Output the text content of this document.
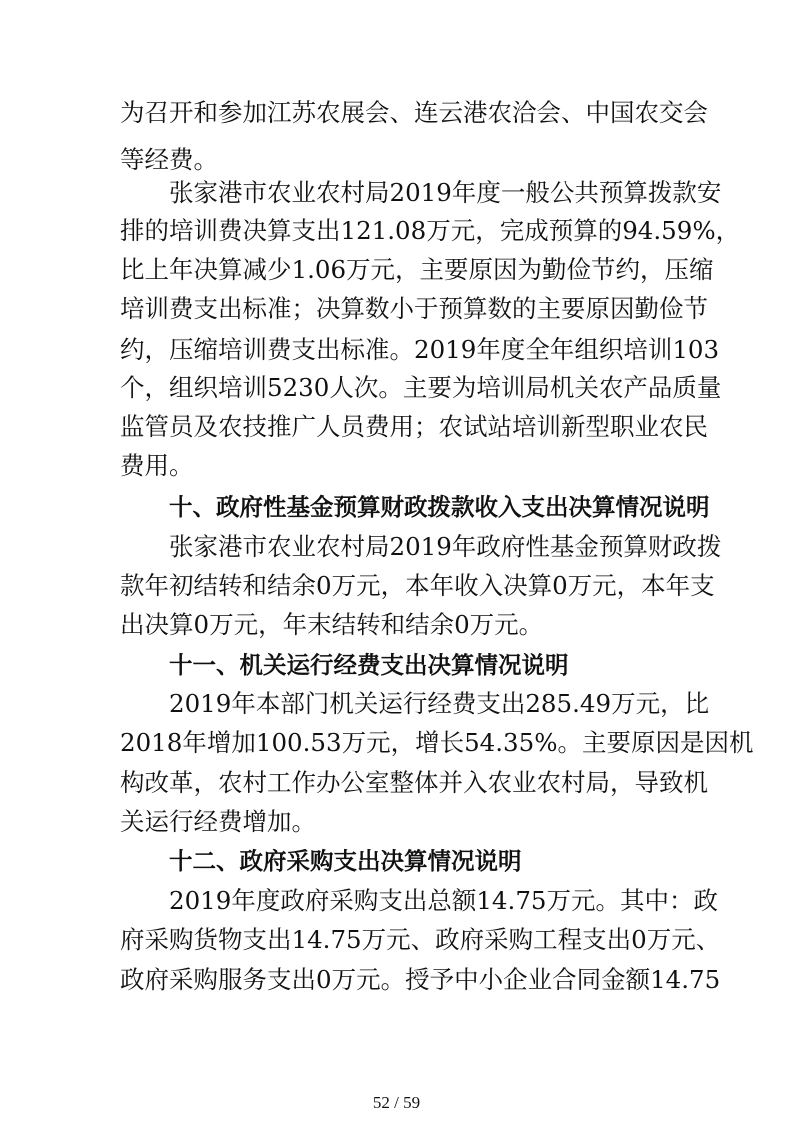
为召开和参加江苏农展会、连云港农洽会、中国农交会
等经费。
张家港市农业农村局2019年度一般公共预算拨款安
排的培训费决算支出121.08万元，完成预算的94.59%，
比上年决算减少1.06万元，主要原因为勤俭节约，压缩
培训费支出标准；决算数小于预算数的主要原因勤俭节
约，压缩培训费支出标准。2019年度全年组织培训103
个，组织培训5230人次。主要为培训局机关农产品质量
监管员及农技推广人员费用；农试站培训新型职业农民
费用。
十、政府性基金预算财政拨款收入支出决算情况说明
张家港市农业农村局2019年政府性基金预算财政拨
款年初结转和结余0万元，本年收入决算0万元，本年支
出决算0万元，年末结转和结余0万元。
十一、机关运行经费支出决算情况说明
2019年本部门机关运行经费支出285.49万元，比
2018年增加100.53万元，增长54.35%。主要原因是因机
构改革，农村工作办公室整体并入农业农村局，导致机
关运行经费增加。
十二、政府采购支出决算情况说明
2019年度政府采购支出总额14.75万元。其中：政
府采购货物支出14.75万元、政府采购工程支出0万元、
政府采购服务支出0万元。授予中小企业合同金额14.75
52 / 59
